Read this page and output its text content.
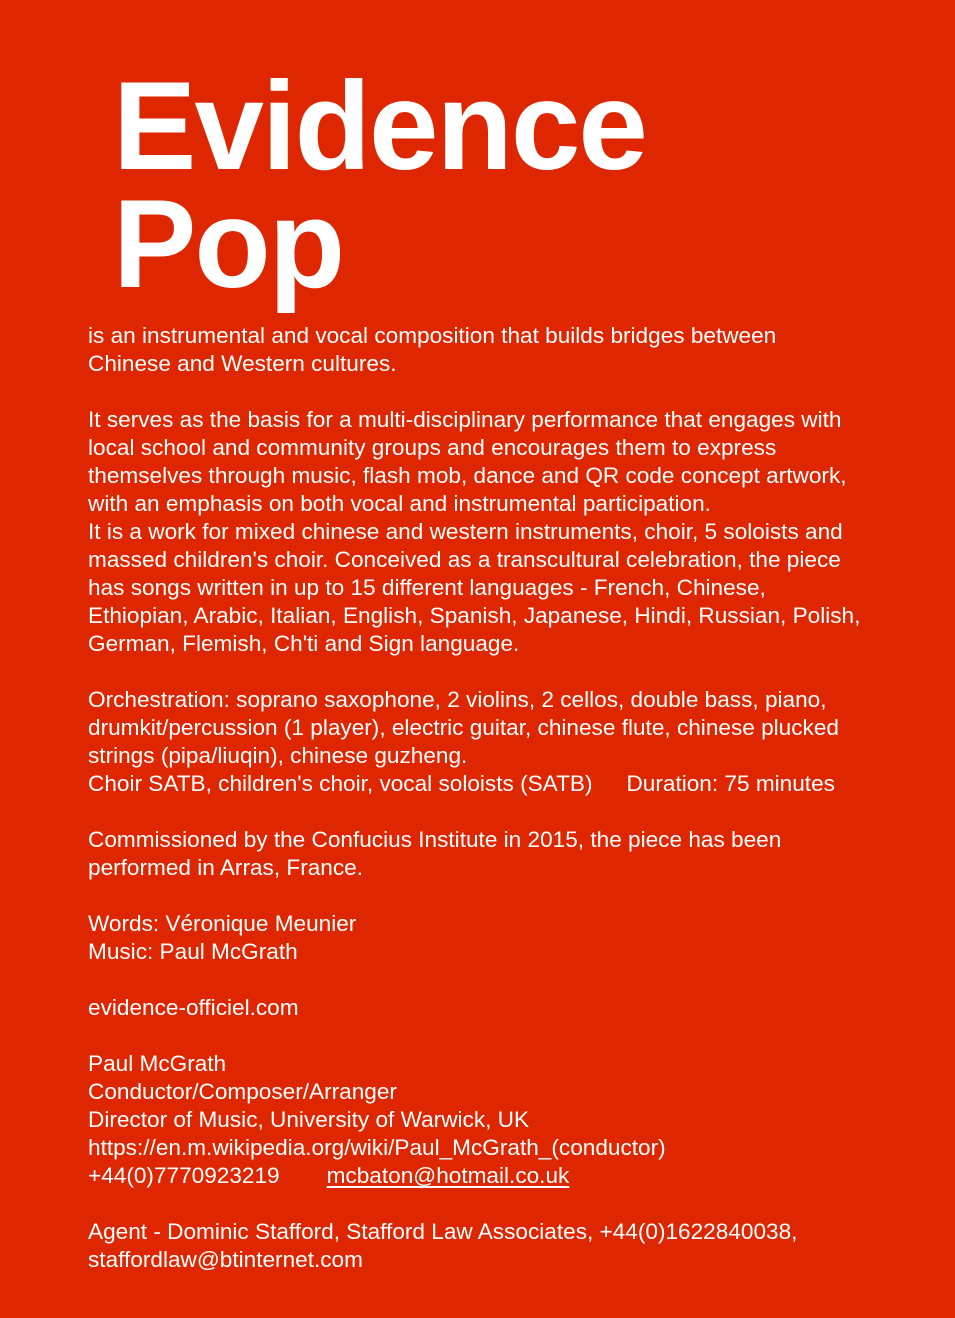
Evidence
Pop
is an instrumental and vocal composition that builds bridges between
Chinese and Western cultures.
It serves as the basis for a multi-disciplinary performance that engages with
local school and community groups and encourages them to express
themselves through music, flash mob, dance and QR code concept artwork,
with an emphasis on both vocal and instrumental participation.
It is a work for mixed chinese and western instruments, choir, 5 soloists and
massed children's choir. Conceived as a transcultural celebration, the piece
has songs written in up to 15 different languages - French, Chinese,
Ethiopian, Arabic, Italian, English, Spanish, Japanese, Hindi, Russian, Polish,
German, Flemish, Ch'ti and Sign language.
Orchestration: soprano saxophone, 2 violins, 2 cellos, double bass, piano,
drumkit/percussion (1 player), electric guitar, chinese flute, chinese plucked
strings (pipa/liuqin), chinese guzheng.
Choir SATB, children's choir, vocal soloists (SATB) Duration: 75 minutes
Commissioned by the Confucius Institute in 2015, the piece has been
performed in Arras, France.
Words: Véronique Meunier
Music: Paul McGrath
evidence-officiel.com
Paul McGrath
Conductor/Composer/Arranger
Director of Music, University of Warwick, UK
https://en.m.wikipedia.org/wiki/Paul_McGrath_(conductor)
+44(0)7770923219 mcbaton@hotmail.co.uk
Agent - Dominic Stafford, Stafford Law Associates, +44(0)1622840038,
staffordlaw@btinternet.com
